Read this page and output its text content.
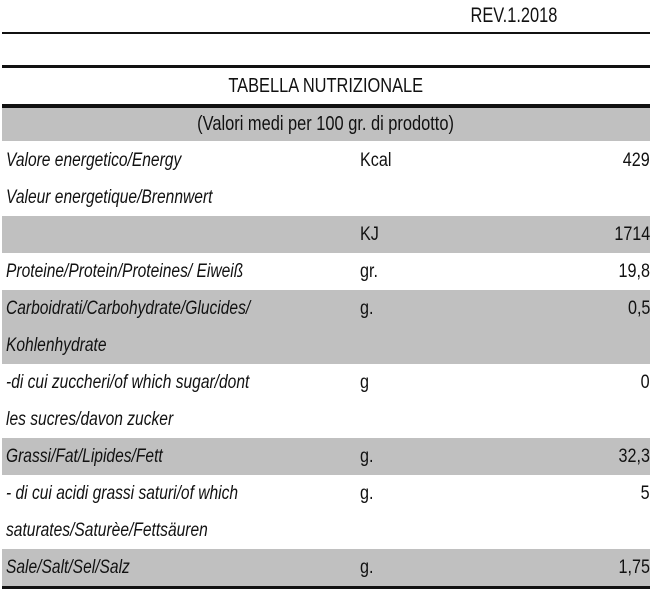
REV.1.2018
TABELLA NUTRIZIONALE
(Valori medi per 100 gr. di prodotto)
Valore energetico/Energy
Valeur energetique/Brennwert
Kcal	429

KJ	1714
Proteine/Protein/Proteines/ Eiweiß	gr.	19,8
Carboidrati/Carbohydrate/Glucides/
Kohlenhydrate
g.	0,5
-di cui zuccheri/of which sugar/dont
les sucres/davon zucker
g	0
Grassi/Fat/Lipides/Fett	g.	32,3
- di cui acidi grassi saturi/of which
saturates/Saturèe/Fettsäuren
g.	5
Sale/Salt/Sel/Salz	g.	1,75
